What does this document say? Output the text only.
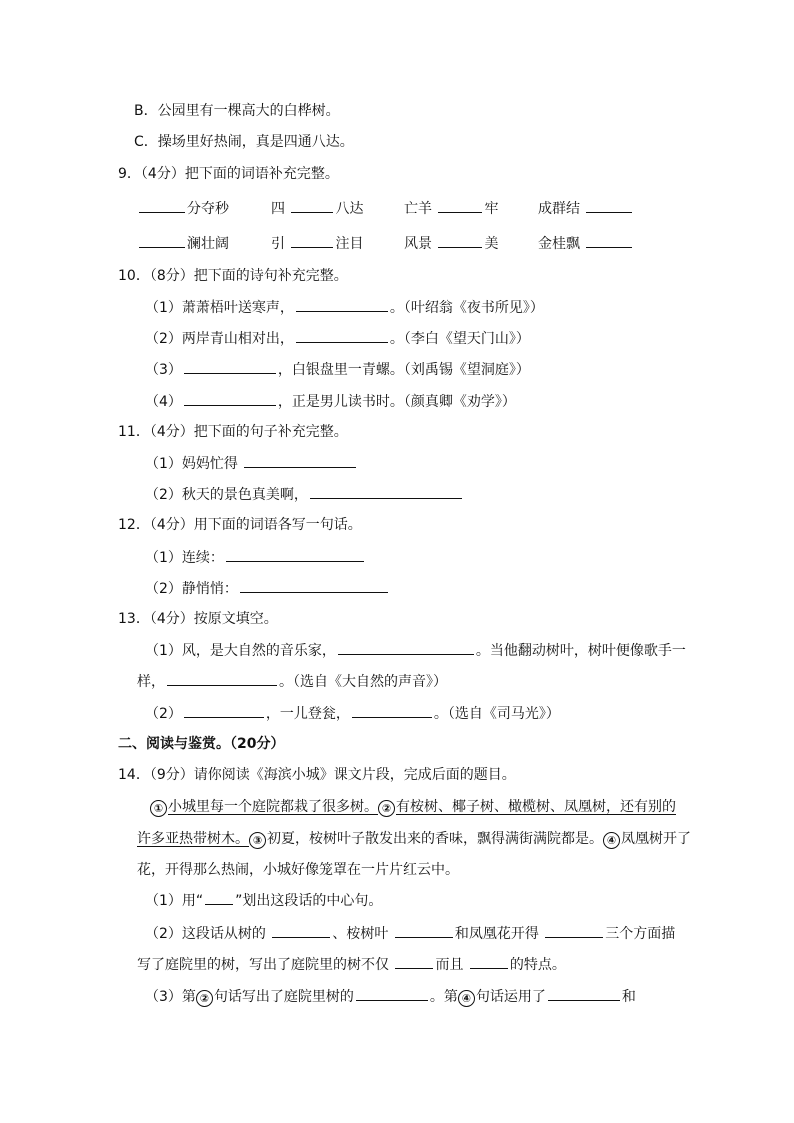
B．公园里有一棵高大的白桦树。
C．操场里好热闹，真是四通八达。
9．（4分）把下面的词语补充完整。
分夺秒	四	八达	亡羊	牢	成群结
澜壮阔	引	注目	风景	美	金桂飘
10．（8分）把下面的诗句补充完整。
（1）萧萧梧叶送寒声，	。（叶绍翁《夜书所见》）
（2）两岸青山相对出，	。（李白《望天门山》）
（3）	，白银盘里一青螺。（刘禹锡《望洞庭》）
（4）	，正是男儿读书时。（颜真卿《劝学》）
11．（4分）把下面的句子补充完整。
（1）妈妈忙得
（2）秋天的景色真美啊，
12．（4分）用下面的词语各写一句话。
（1）连续：
（2）静悄悄：
13．（4分）按原文填空。
（1）风，是大自然的音乐家，	。当他翻动树叶，树叶便像歌手一
样，	。（选自《大自然的声音》）
（2）	，一儿登瓮，	。（选自《司马光》）
二、阅读与鉴赏。（20分）
14．（9分）请你阅读《海滨小城》课文片段，完成后面的题目。
① 小城里每一个庭院都栽了很多树。 ② 有桉树、椰子树、橄榄树、凤凰树，还有别的
许多亚热带树木。 ③ 初夏，桉树叶子散发出来的香味，飘得满街满院都是。 ④ 凤凰树开了
花，开得那么热闹，小城好像笼罩在一片片红云中。
（1）用“ ”划出这段话的中心句。
（2）这段话从树的	、桉树叶	和凤凰花开得	三个方面描
写了庭院里的树，写出了庭院里的树不仅	而且	的特点。
（3）第 ② 句话写出了庭院里树的	。第 ④ 句话运用了	和
